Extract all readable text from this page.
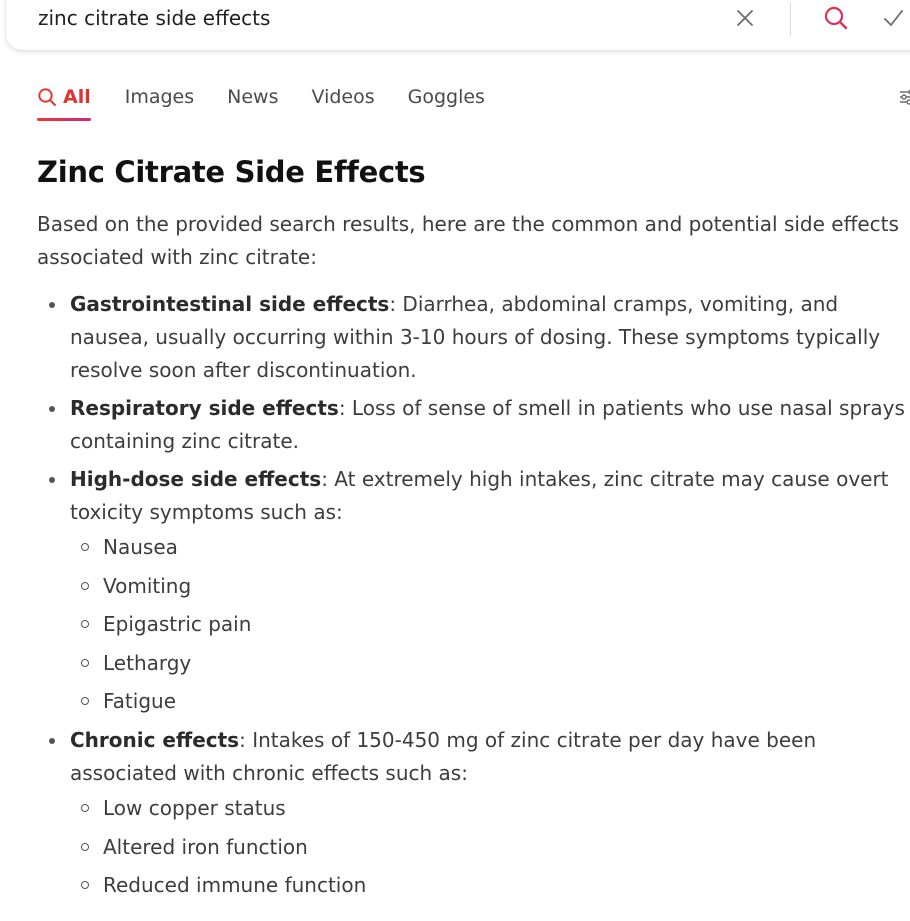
zinc citrate side effects
All Images News Videos Goggles
Zinc Citrate Side Effects

Based on the provided search results, here are the common and potential side effects associated with zinc citrate:

Gastrointestinal side effects: Diarrhea, abdominal cramps, vomiting, and nausea, usually occurring within 3-10 hours of dosing. These symptoms typically resolve soon after discontinuation.
Respiratory side effects: Loss of sense of smell in patients who use nasal sprays containing zinc citrate.
High-dose side effects: At extremely high intakes, zinc citrate may cause overt toxicity symptoms such as:
Nausea
Vomiting
Epigastric pain
Lethargy
Fatigue
Chronic effects: Intakes of 150-450 mg of zinc citrate per day have been associated with chronic effects such as:
Low copper status
Altered iron function
Reduced immune function
